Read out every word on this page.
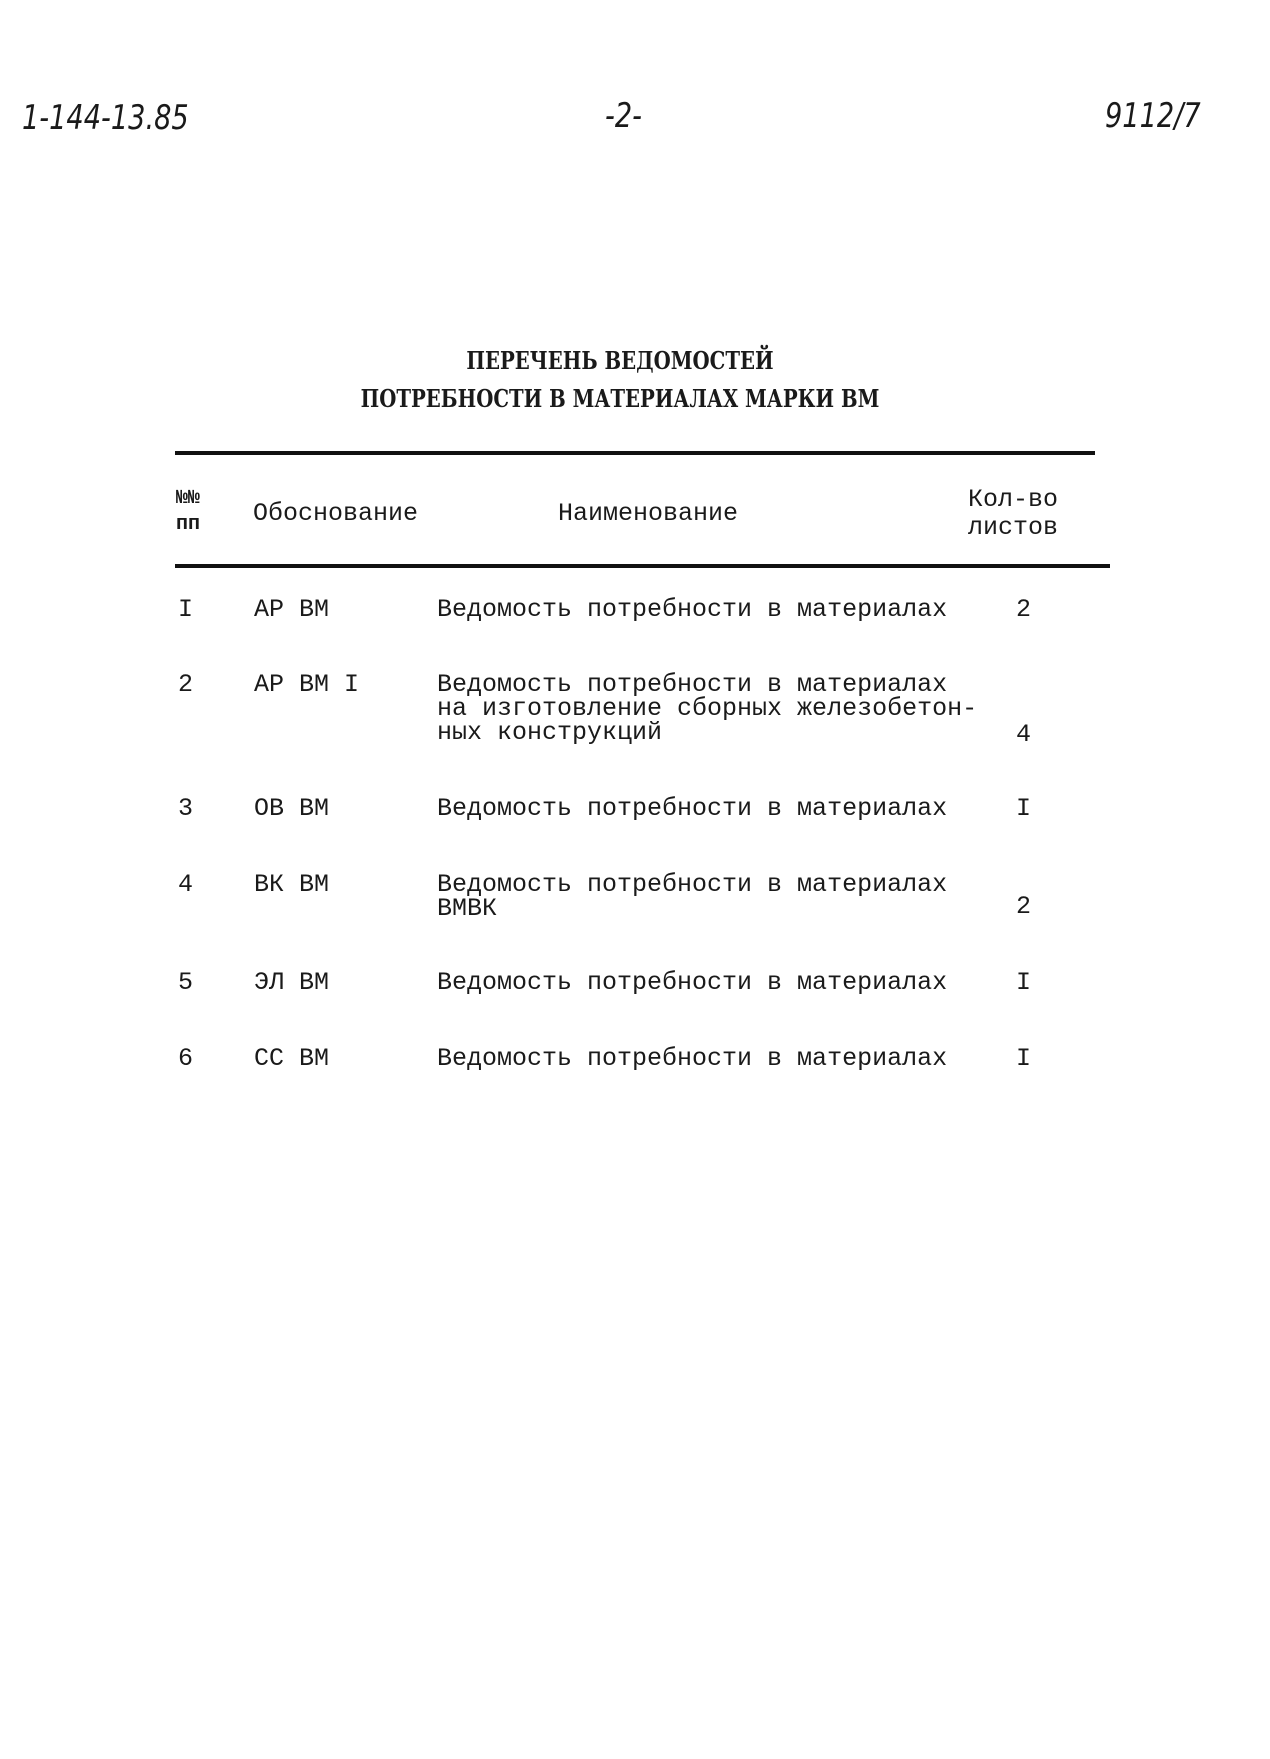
1-144-13.85	-2-	9112/7
ПЕРЕЧЕНЬ ВЕДОМОСТЕЙ
ПОТРЕБНОСТИ В МАТЕРИАЛАХ МАРКИ ВМ
№№
пп Обоснование	Наименование	Кол-во
листов
I АР ВМ	Ведомость потребности в материалах	2
2 АР ВМ I	Ведомость потребности в материалах
на изготовление сборных железобетон-
ных конструкций	4
3 ОВ ВМ	Ведомость потребности в материалах	I
4 ВК ВМ	Ведомость потребности в материалах
ВМВК	2
5 ЭЛ ВМ	Ведомость потребности в материалах	I
6 СС ВМ	Ведомость потребности в материалах	I
